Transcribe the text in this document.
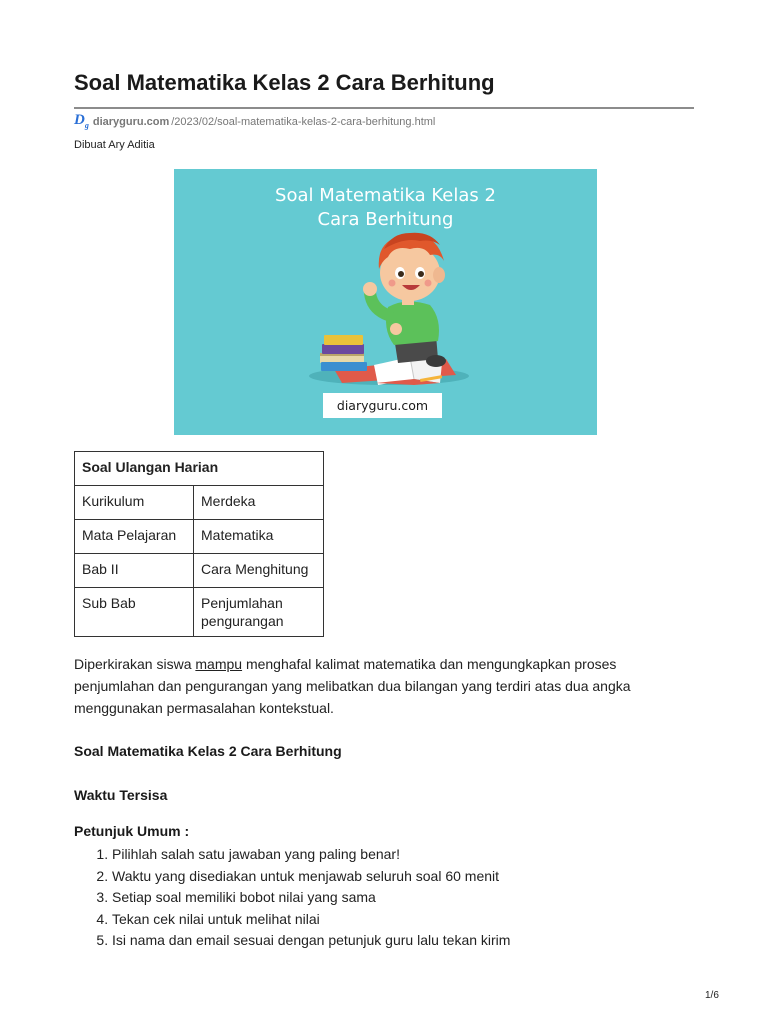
Soal Matematika Kelas 2 Cara Berhitung
$D_g$ diaryguru.com /2023/02/soal-matematika-kelas-2-cara-berhitung.html
Dibuat Ary Aditia
Soal Matematika Kelas 2
Cara Berhitung
diaryguru.com
Soal Ulangan Harian	
Kurikulum	Merdeka
Mata Pelajaran	Matematika
Bab II	Cara Menghitung
Sub Bab	Penjumlahan pengurangan

Diperkirakan siswa mampu menghafal kalimat matematika dan mengungkapkan proses penjumlahan dan pengurangan yang melibatkan dua bilangan yang terdiri atas dua angka menggunakan permasalahan kontekstual.

Soal Matematika Kelas 2 Cara Berhitung
Waktu Tersisa
Petunjuk Umum :
1. Pilihlah salah satu jawaban yang paling benar!
2. Waktu yang disediakan untuk menjawab seluruh soal 60 menit
3. Setiap soal memiliki bobot nilai yang sama
4. Tekan cek nilai untuk melihat nilai
5. Isi nama dan email sesuai dengan petunjuk guru lalu tekan kirim
1/6
